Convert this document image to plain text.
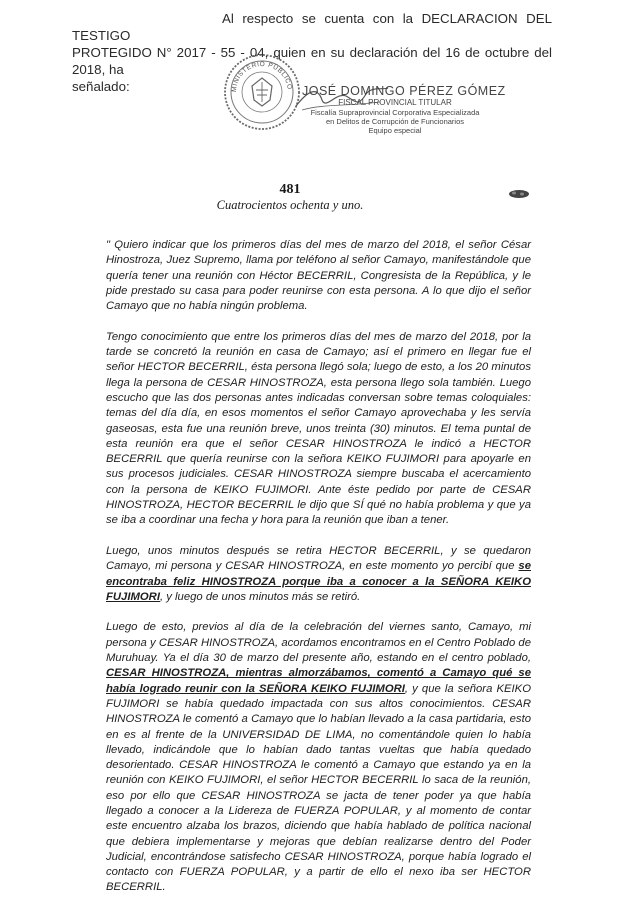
Al respecto se cuenta con la DECLARACION DEL TESTIGO
PROTEGIDO N° 2017 - 55 - 04, quien en su declaración del 16 de octubre del 2018, ha
señalado:	MINISTERIO PÚBLICO JOSÉ DOMINGO PÉREZ GÓMEZ
FISCAL PROVINCIAL TITULAR
Fiscalía Supraprovincial Corporativa Especializada
en Delitos de Corrupción de Funcionarios
Equipo especial
481
Cuatrocientos ochenta y uno.

" Quiero indicar que los primeros días del mes de marzo del 2018, el señor César Hinostroza, Juez Supremo, llama por teléfono al señor Camayo, manifestándole que quería tener una reunión con Héctor BECERRIL, Congresista de la República, y le pide prestado su casa para poder reunirse con esta persona. A lo que dijo el señor Camayo que no había ningún problema.

Tengo conocimiento que entre los primeros días del mes de marzo del 2018, por la tarde se concretó la reunión en casa de Camayo; así el primero en llegar fue el señor HECTOR BECERRIL, ésta persona llegó sola; luego de esto, a los 20 minutos llega la persona de CESAR HINOSTROZA, esta persona llego sola también. Luego escucho que las dos personas antes indicadas conversan sobre temas coloquiales: temas del día día, en esos momentos el señor Camayo aprovechaba y les servía gaseosas, esta fue una reunión breve, unos treinta (30) minutos. El tema puntal de esta reunión era que el señor CESAR HINOSTROZA le indicó a HECTOR BECERRIL que quería reunirse con la señora KEIKO FUJIMORI para apoyarle en sus procesos judiciales. CESAR HINOSTROZA siempre buscaba el acercamiento con la persona de KEIKO FUJIMORI. Ante éste pedido por parte de CESAR HINOSTROZA, HECTOR BECERRIL le dijo que SÍ qué no había problema y que ya se iba a coordinar una fecha y hora para la reunión que iban a tener.

Luego, unos minutos después se retira HECTOR BECERRIL, y se quedaron Camayo, mi persona y CESAR HINOSTROZA, en este momento yo percibí que se encontraba feliz HINOSTROZA porque iba a conocer a la SEÑORA KEIKO FUJIMORI, y luego de unos minutos más se retiró.

Luego de esto, previos al día de la celebración del viernes santo, Camayo, mi persona y CESAR HINOSTROZA, acordamos encontramos en el Centro Poblado de Muruhuay. Ya el día 30 de marzo del presente año, estando en el centro poblado, CESAR HINOSTROZA, mientras almorzábamos, comentó a Camayo qué se había logrado reunir con la SEÑORA KEIKO FUJIMORI, y que la señora KEIKO FUJIMORI se había quedado impactada con sus altos conocimientos. CESAR HINOSTROZA le comentó a Camayo que lo habían llevado a la casa partidaria, esto en es al frente de la UNIVERSIDAD DE LIMA, no comentándole quien lo había llevado, indicándole que lo habían dado tantas vueltas que había quedado desorientado. CESAR HINOSTROZA le comentó a Camayo que estando ya en la reunión con KEIKO FUJIMORI, el señor HECTOR BECERRIL lo saca de la reunión, eso por ello que CESAR HINOSTROZA se jacta de tener poder ya que había llegado a conocer a la Lidereza de FUERZA POPULAR, y al momento de contar este encuentro alzaba los brazos, diciendo que había hablado de política nacional que debiera implementarse y mejoras que debían realizarse dentro del Poder Judicial, encontrándose satisfecho CESAR HINOSTROZA, porque había logrado el contacto con FUERZA POPULAR, y a partir de ello el nexo iba ser HECTOR BECERRIL.
